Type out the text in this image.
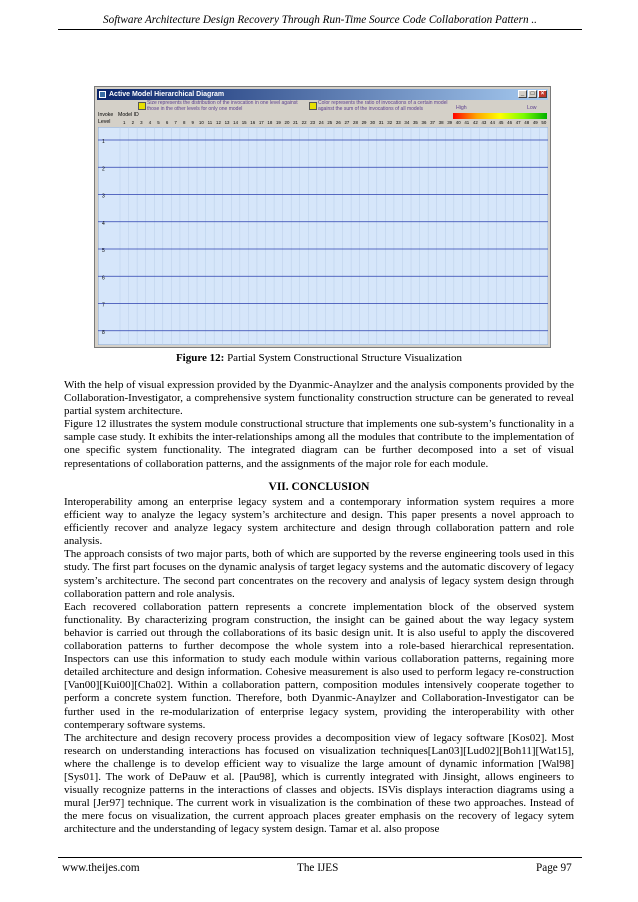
Software Architecture Design Recovery Through Run-Time Source Code Collaboration Pattern ..
Active Model Hierarchical Diagram	_	□	×
Invoke Model ID
Level
Size represents the distribution of the invocation in one level against those in the other levels for only one model
Color represents the ratio of invocations of a certain model against the sum of the invocations of all models	High	Low
1	2	3	4	5	6	7	8	9	10 11 12 13 14 15 16 17 18 19 20 21 22 23 24 25 26 27 28 29 30 31 32 33 34 35 36 37 38 39 40 41 42 43 44 45 46 47 48 49 50
1
2
3
4
5
6
7
8
Figure 12: Partial System Constructional Structure Visualization

With the help of visual expression provided by the Dyanmic-Anaylzer and the analysis components provided by the Collaboration-Investigator, a comprehensive system functionality construction structure can be generated to reveal partial system architecture.

Figure 12 illustrates the system module constructional structure that implements one sub-system’s functionality in a sample case study. It exhibits the inter-relationships among all the modules that contribute to the implementation of one specific system functionality. The integrated diagram can be further decomposed into a set of visual representations of collaboration patterns, and the assignments of the major role for each module.

VII. CONCLUSION

Interoperability among an enterprise legacy system and a contemporary information system requires a more efficient way to analyze the legacy system’s architecture and design. This paper presents a novel approach to efficiently recover and analyze legacy system architecture and design through collaboration pattern and role analysis.

The approach consists of two major parts, both of which are supported by the reverse engineering tools used in this study. The first part focuses on the dynamic analysis of target legacy systems and the automatic discovery of legacy system’s architecture. The second part concentrates on the recovery and analysis of legacy system design through collaboration pattern and role analysis.

Each recovered collaboration pattern represents a concrete implementation block of the observed system functionality. By characterizing program construction, the insight can be gained about the way legacy system behavior is carried out through the collaborations of its basic design unit. It is also useful to apply the discovered collaboration patterns to further decompose the whole system into a role-based hierarchical representation. Inspectors can use this information to study each module within various collaboration patterns, regaining more detailed architecture and design information. Cohesive measurement is also used to perform legacy re-construction [Van00][Kui00][Cha02]. Within a collaboration pattern, composition modules intensively cooperate together to perform a concrete system function. Therefore, both Dyanmic-Anaylzer and Collaboration-Investigator can be further used in the re-modularization of enterprise legacy system, providing the interoperability with other contemperary software systems.

The architecture and design recovery process provides a decomposition view of legacy software [Kos02]. Most research on understanding interactions has focused on visualization techniques[Lan03][Lud02][Boh11][Wat15], where the challenge is to develop efficient way to visualize the large amount of dynamic information [Wal98][Sys01]. The work of DePauw et al. [Pau98], which is currently integrated with Jinsight, allows engineers to visually recognize patterns in the interactions of classes and objects. ISVis displays interaction diagrams using a mural [Jer97] technique. The current work in visualization is the combination of these two approaches. Instead of the mere focus on visualization, the current approach places greater emphasis on the recovery of legacy sytem architecture and the understanding of legacy system design. Tamar et al. also propose

www.theijes.com	The IJES	Page 97
